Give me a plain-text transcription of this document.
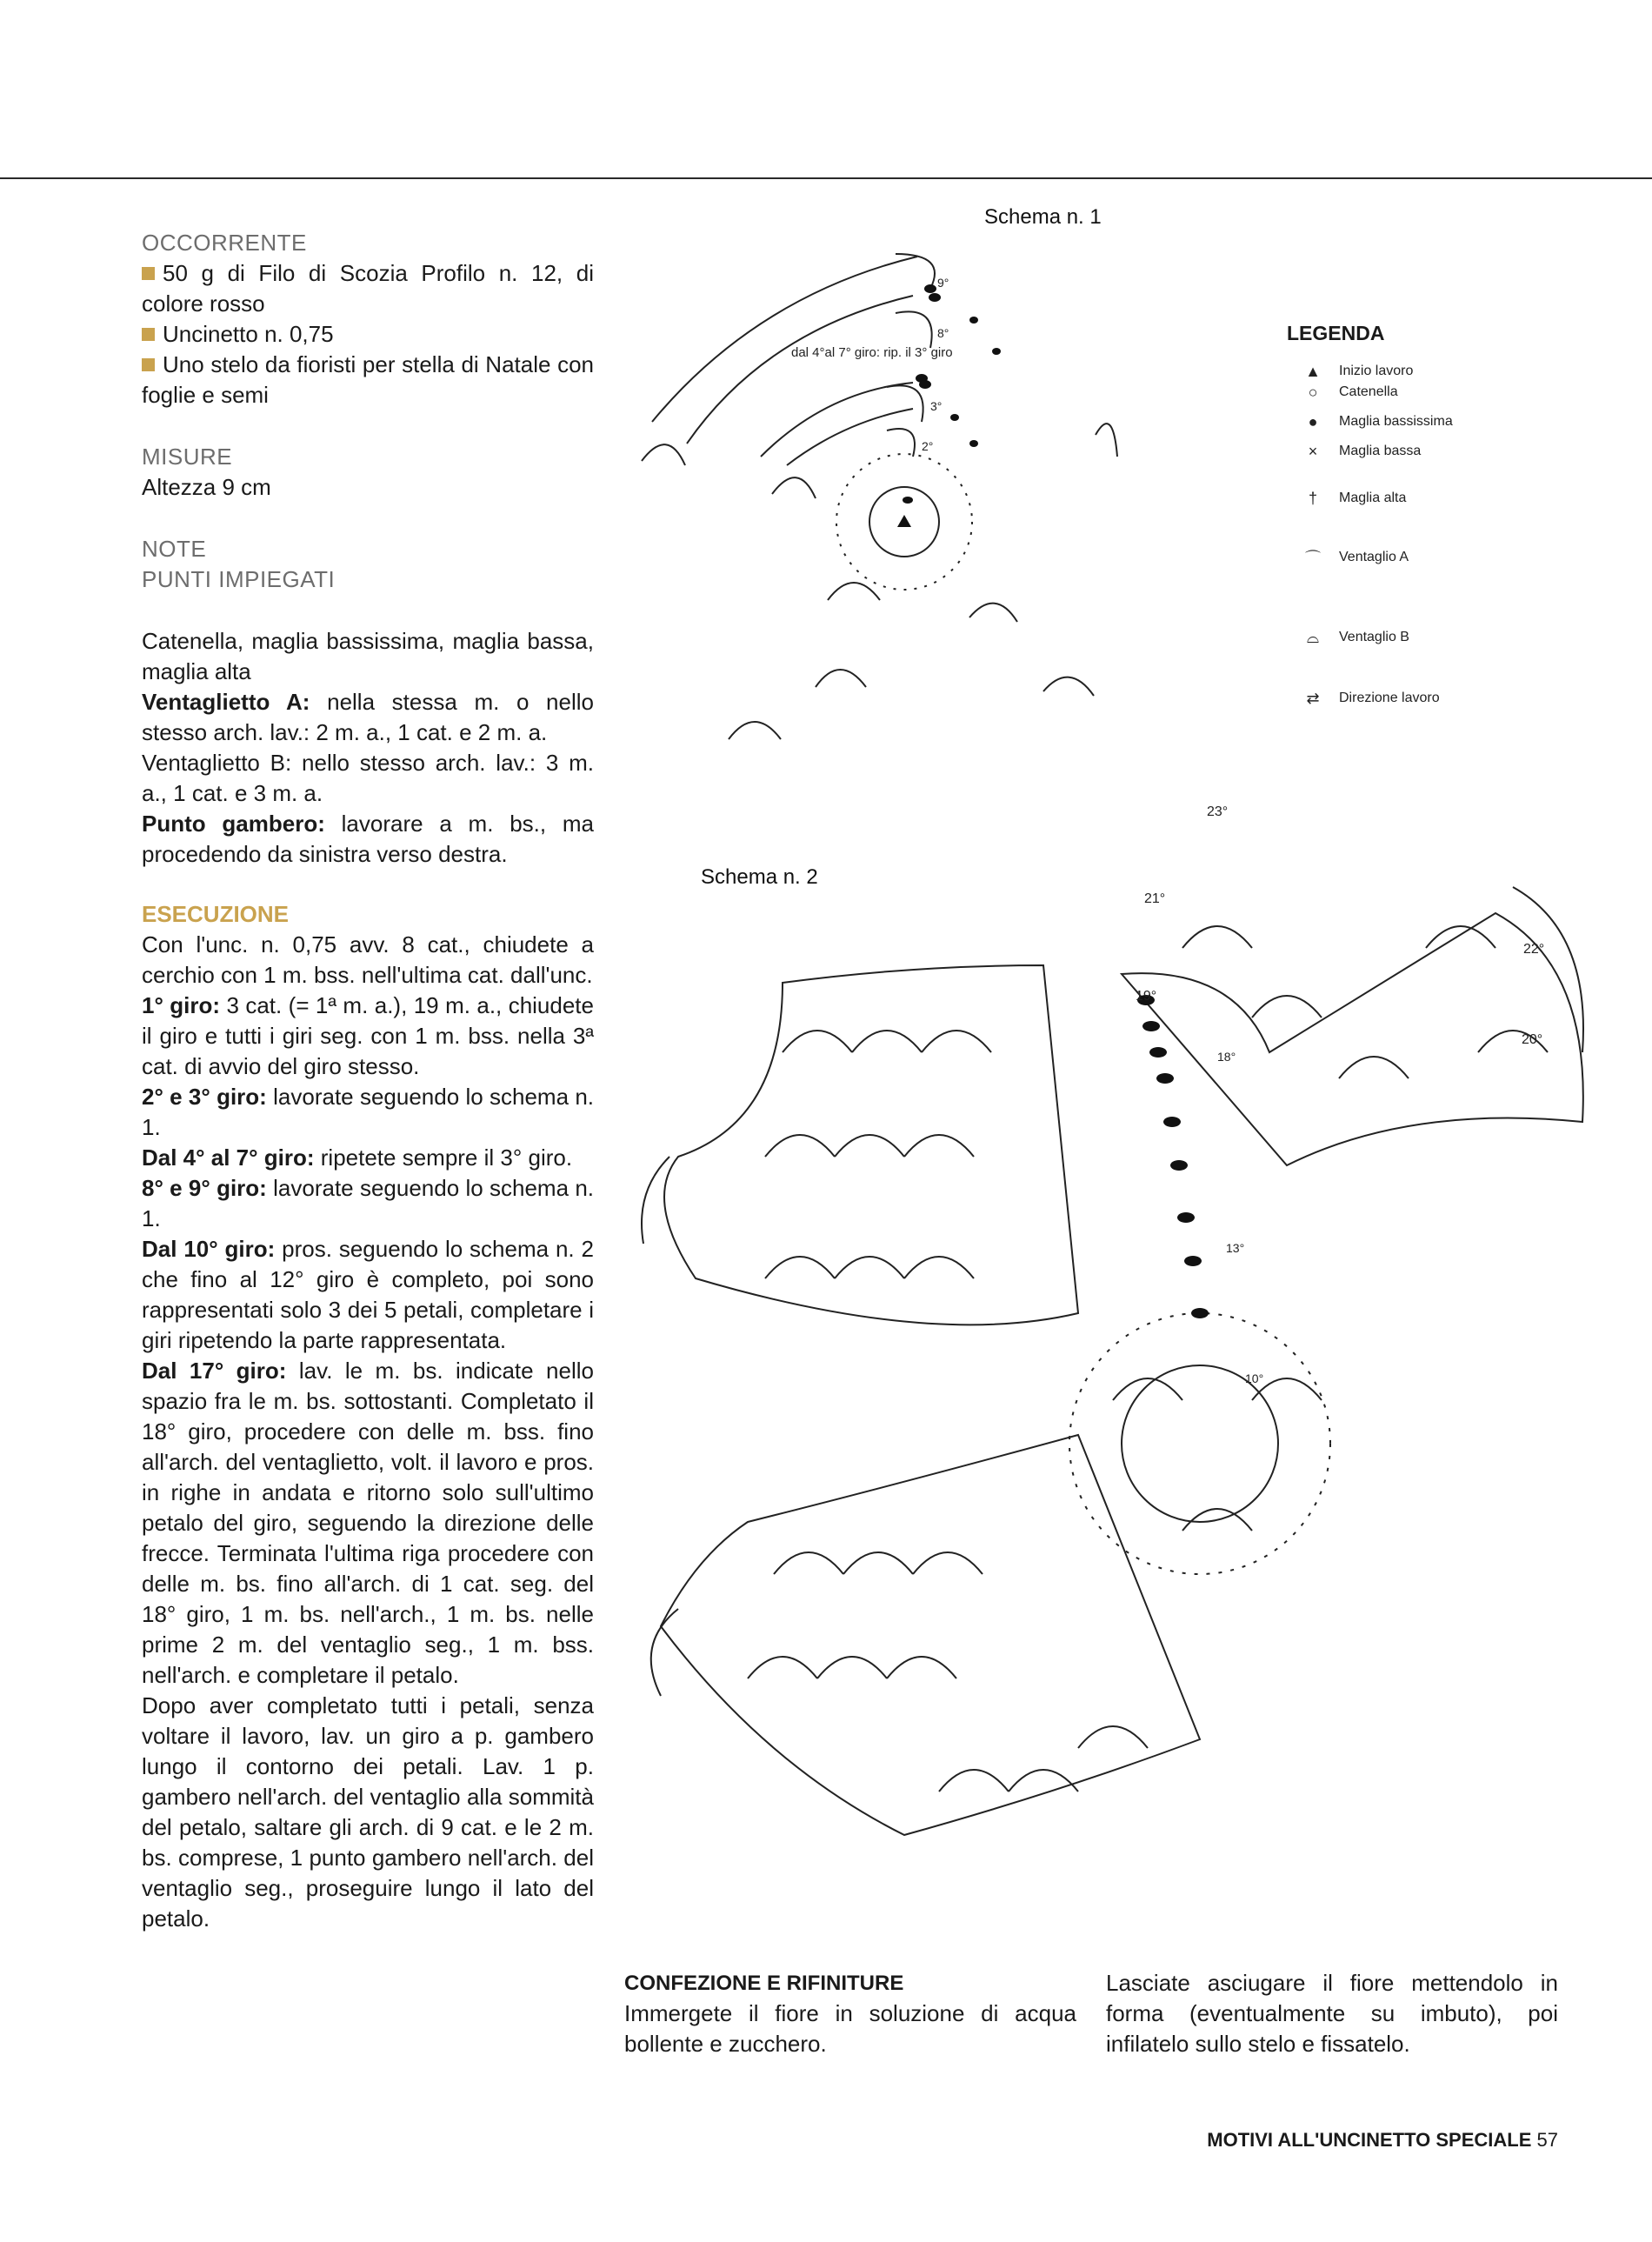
OCCORRENTE

50 g di Filo di Scozia Profilo n. 12, di colore rosso

Uncinetto n. 0,75

Uno stelo da fioristi per stella di Natale con foglie e semi

MISURE

Altezza 9 cm

NOTE

PUNTI IMPIEGATI

Catenella, maglia bassissima, maglia bassa, maglia alta

Ventaglietto A: nella stessa m. o nello stesso arch. lav.: 2 m. a., 1 cat. e 2 m. a.

Ventaglietto B: nello stesso arch. lav.: 3 m. a., 1 cat. e 3 m. a.

Punto gambero: lavorare a m. bs., ma procedendo da sinistra verso destra.

ESECUZIONE

Con l'unc. n. 0,75 avv. 8 cat., chiudete a cerchio con 1 m. bss. nell'ultima cat. dall'unc.

1° giro: 3 cat. (= 1ª m. a.), 19 m. a., chiudete il giro e tutti i giri seg. con 1 m. bss. nella 3ª cat. di avvio del giro stesso.

2° e 3° giro: lavorate seguendo lo schema n. 1.

Dal 4° al 7° giro: ripetete sempre il 3° giro.

8° e 9° giro: lavorate seguendo lo schema n. 1.

Dal 10° giro: pros. seguendo lo schema n. 2 che fino al 12° giro è completo, poi sono rappresentati solo 3 dei 5 petali, completare i giri ripetendo la parte rappresentata.

Dal 17° giro: lav. le m. bs. indicate nello spazio fra le m. bs. sottostanti. Completato il 18° giro, procedere con delle m. bss. fino all'arch. del ventaglietto, volt. il lavoro e pros. in righe in andata e ritorno solo sull'ultimo petalo del giro, seguendo la direzione delle frecce. Terminata l'ultima riga procedere con delle m. bs. fino all'arch. di 1 cat. seg. del 18° giro, 1 m. bs. nell'arch., 1 m. bs. nelle prime 2 m. del ventaglio seg., 1 m. bss. nell'arch. e completare il petalo.

Dopo aver completato tutti i petali, senza voltare il lavoro, lav. un giro a p. gambero lungo il contorno dei petali. Lav. 1 p. gambero nell'arch. del ventaglio alla sommità del petalo, saltare gli arch. di 9 cat. e le 2 m. bs. comprese, 1 punto gambero nell'arch. del ventaglio seg., proseguire lungo il lato del petalo.

Schema n. 1
9°
8°
dal 4°al 7° giro: rip. il 3° giro
3°
2°
LEGENDA
▲	Inizio lavoro
○	Catenella
●	Maglia bassissima
×	Maglia bassa
†	Maglia alta
⌒	Ventaglio A
⌓	Ventaglio B
⇄	Direzione lavoro
Schema n. 2
23°
21°
22°
20°
19°
18°
13°
10°
CONFEZIONE E RIFINITURE
Immergete il fiore in soluzione di acqua bollente e zucchero.
Lasciate asciugare il fiore mettendolo in forma (eventualmente su imbuto), poi infilatelo sullo stelo e fissatelo.
MOTIVI ALL'UNCINETTO SPECIALE 57
